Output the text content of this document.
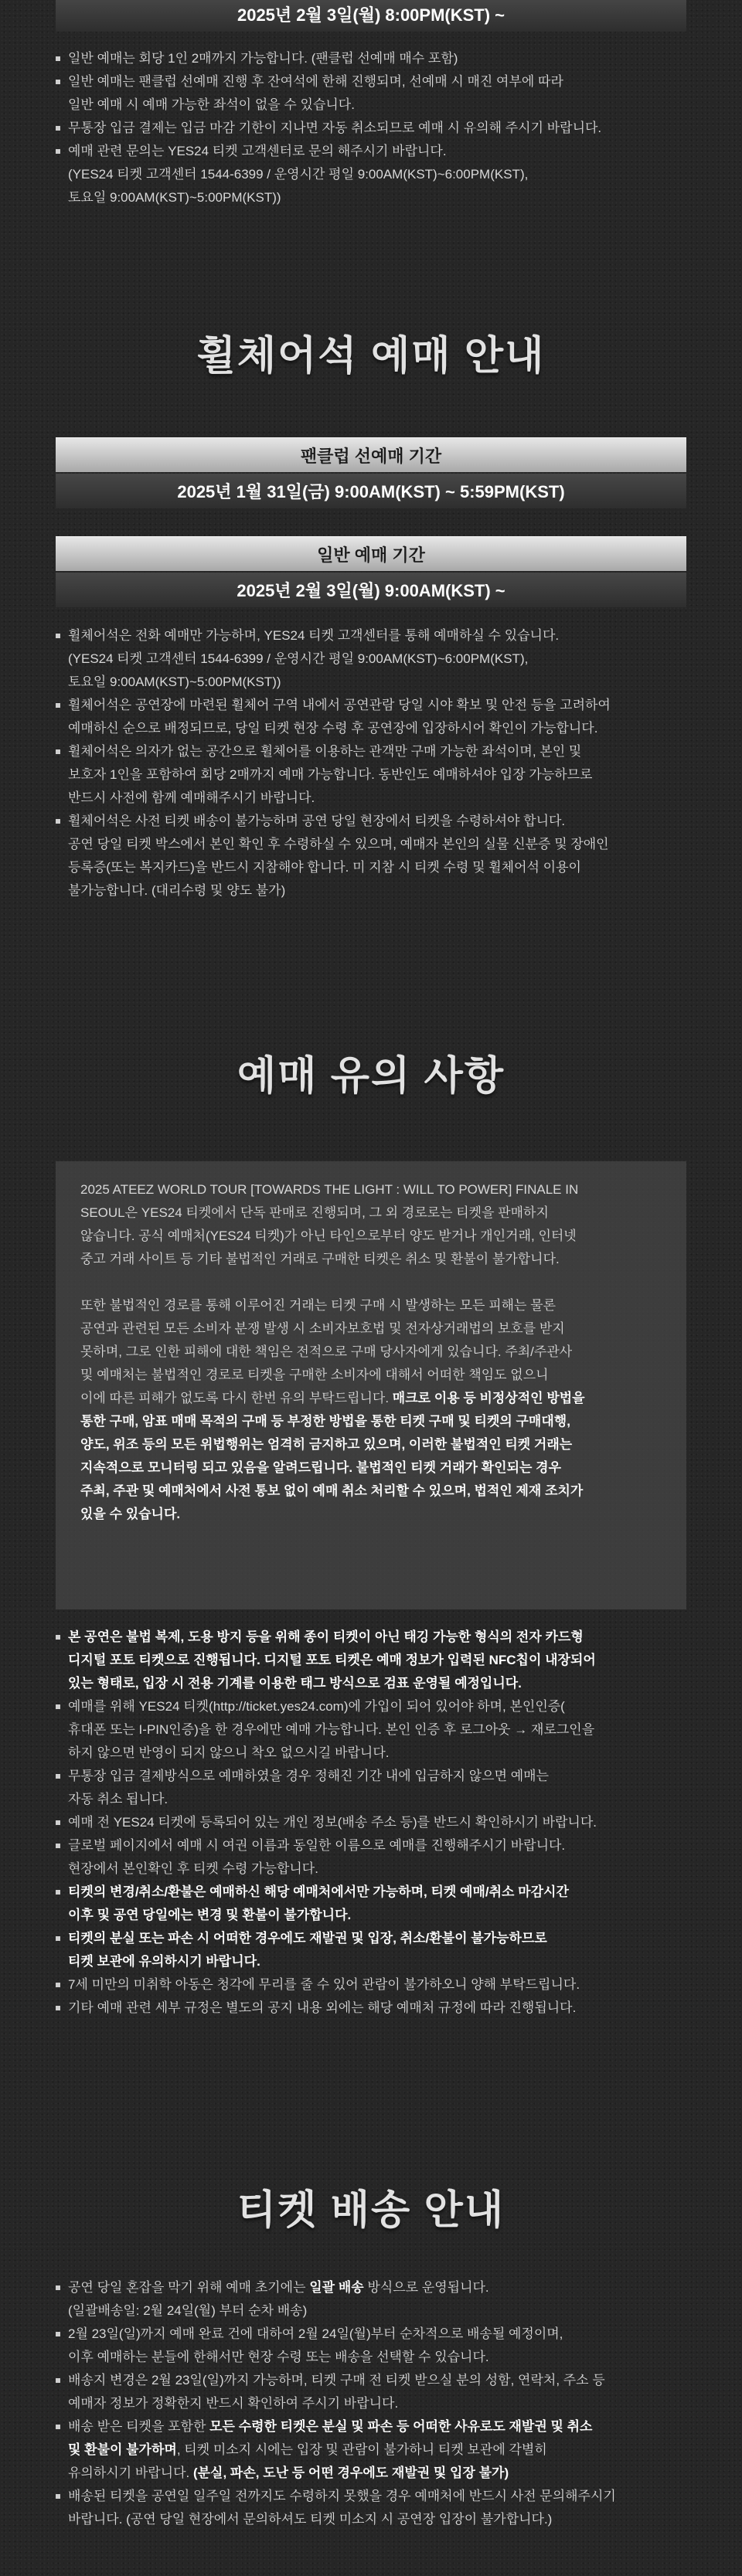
2025년 2월 3일(월) 8:00PM(KST) ~
일반 예매는 회당 1인 2매까지 가능합니다. (팬클럽 선예매 매수 포함)
일반 예매는 팬클럽 선예매 진행 후 잔여석에 한해 진행되며, 선예매 시 매진 여부에 따라
일반 예매 시 예매 가능한 좌석이 없을 수 있습니다.
무통장 입금 결제는 입금 마감 기한이 지나면 자동 취소되므로 예매 시 유의해 주시기 바랍니다.
예매 관련 문의는 YES24 티켓 고객센터로 문의 해주시기 바랍니다.
(YES24 티켓 고객센터 1544-6399 / 운영시간 평일 9:00AM(KST)~6:00PM(KST),
토요일 9:00AM(KST)~5:00PM(KST))
휠체어석 예매 안내
팬클럽 선예매 기간
2025년 1월 31일(금) 9:00AM(KST) ~ 5:59PM(KST)
일반 예매 기간
2025년 2월 3일(월) 9:00AM(KST) ~
휠체어석은 전화 예매만 가능하며, YES24 티켓 고객센터를 통해 예매하실 수 있습니다.
(YES24 티켓 고객센터 1544-6399 / 운영시간 평일 9:00AM(KST)~6:00PM(KST),
토요일 9:00AM(KST)~5:00PM(KST))
휠체어석은 공연장에 마련된 휠체어 구역 내에서 공연관람 당일 시야 확보 및 안전 등을 고려하여
예매하신 순으로 배정되므로, 당일 티켓 현장 수령 후 공연장에 입장하시어 확인이 가능합니다.
휠체어석은 의자가 없는 공간으로 휠체어를 이용하는 관객만 구매 가능한 좌석이며, 본인 및
보호자 1인을 포함하여 회당 2매까지 예매 가능합니다. 동반인도 예매하셔야 입장 가능하므로
반드시 사전에 함께 예매해주시기 바랍니다.
휠체어석은 사전 티켓 배송이 불가능하며 공연 당일 현장에서 티켓을 수령하셔야 합니다.
공연 당일 티켓 박스에서 본인 확인 후 수령하실 수 있으며, 예매자 본인의 실물 신분증 및 장애인
등록증(또는 복지카드)을 반드시 지참해야 합니다. 미 지참 시 티켓 수령 및 휠체어석 이용이
불가능합니다. (대리수령 및 양도 불가)
예매 유의 사항
2025 ATEEZ WORLD TOUR [TOWARDS THE LIGHT : WILL TO POWER] FINALE IN
SEOUL은 YES24 티켓에서 단독 판매로 진행되며, 그 외 경로로는 티켓을 판매하지
않습니다. 공식 예매처(YES24 티켓)가 아닌 타인으로부터 양도 받거나 개인거래, 인터넷
중고 거래 사이트 등 기타 불법적인 거래로 구매한 티켓은 취소 및 환불이 불가합니다.
또한 불법적인 경로를 통해 이루어진 거래는 티켓 구매 시 발생하는 모든 피해는 물론
공연과 관련된 모든 소비자 분쟁 발생 시 소비자보호법 및 전자상거래법의 보호를 받지
못하며, 그로 인한 피해에 대한 책임은 전적으로 구매 당사자에게 있습니다. 주최/주관사
및 예매처는 불법적인 경로로 티켓을 구매한 소비자에 대해서 어떠한 책임도 없으니
이에 따른 피해가 없도록 다시 한번 유의 부탁드립니다. 매크로 이용 등 비정상적인 방법을
통한 구매, 암표 매매 목적의 구매 등 부정한 방법을 통한 티켓 구매 및 티켓의 구매대행,
양도, 위조 등의 모든 위법행위는 엄격히 금지하고 있으며, 이러한 불법적인 티켓 거래는
지속적으로 모니터링 되고 있음을 알려드립니다. 불법적인 티켓 거래가 확인되는 경우
주최, 주관 및 예매처에서 사전 통보 없이 예매 취소 처리할 수 있으며, 법적인 제재 조치가
있을 수 있습니다.
본 공연은 불법 복제, 도용 방지 등을 위해 종이 티켓이 아닌 태깅 가능한 형식의 전자 카드형
디지털 포토 티켓으로 진행됩니다. 디지털 포토 티켓은 예매 정보가 입력된 NFC칩이 내장되어
있는 형태로, 입장 시 전용 기계를 이용한 태그 방식으로 검표 운영될 예정입니다.
예매를 위해 YES24 티켓(http://ticket.yes24.com)에 가입이 되어 있어야 하며, 본인인증(
휴대폰 또는 I-PIN인증)을 한 경우에만 예매 가능합니다. 본인 인증 후 로그아웃 → 재로그인을
하지 않으면 반영이 되지 않으니 착오 없으시길 바랍니다.
무통장 입금 결제방식으로 예매하였을 경우 정해진 기간 내에 입금하지 않으면 예매는
자동 취소 됩니다.
예매 전 YES24 티켓에 등록되어 있는 개인 정보(배송 주소 등)를 반드시 확인하시기 바랍니다.
글로벌 페이지에서 예매 시 여권 이름과 동일한 이름으로 예매를 진행해주시기 바랍니다.
현장에서 본인확인 후 티켓 수령 가능합니다.
티켓의 변경/취소/환불은 예매하신 해당 예매처에서만 가능하며, 티켓 예매/취소 마감시간
이후 및 공연 당일에는 변경 및 환불이 불가합니다.
티켓의 분실 또는 파손 시 어떠한 경우에도 재발권 및 입장, 취소/환불이 불가능하므로
티켓 보관에 유의하시기 바랍니다.
7세 미만의 미취학 아동은 청각에 무리를 줄 수 있어 관람이 불가하오니 양해 부탁드립니다.
기타 예매 관련 세부 규정은 별도의 공지 내용 외에는 해당 예매처 규정에 따라 진행됩니다.
티켓 배송 안내
공연 당일 혼잡을 막기 위해 예매 초기에는 일괄 배송 방식으로 운영됩니다.
(일괄배송일: 2월 24일(월) 부터 순차 배송)
2월 23일(일)까지 예매 완료 건에 대하여 2월 24일(월)부터 순차적으로 배송될 예정이며,
이후 예매하는 분들에 한해서만 현장 수령 또는 배송을 선택할 수 있습니다.
배송지 변경은 2월 23일(일)까지 가능하며, 티켓 구매 전 티켓 받으실 분의 성함, 연락처, 주소 등
예매자 정보가 정확한지 반드시 확인하여 주시기 바랍니다.
배송 받은 티켓을 포함한 모든 수령한 티켓은 분실 및 파손 등 어떠한 사유로도 재발권 및 취소
및 환불이 불가하며, 티켓 미소지 시에는 입장 및 관람이 불가하니 티켓 보관에 각별히
유의하시기 바랍니다. (분실, 파손, 도난 등 어떤 경우에도 재발권 및 입장 불가)
배송된 티켓을 공연일 일주일 전까지도 수령하지 못했을 경우 예매처에 반드시 사전 문의해주시기
바랍니다. (공연 당일 현장에서 문의하셔도 티켓 미소지 시 공연장 입장이 불가합니다.)
